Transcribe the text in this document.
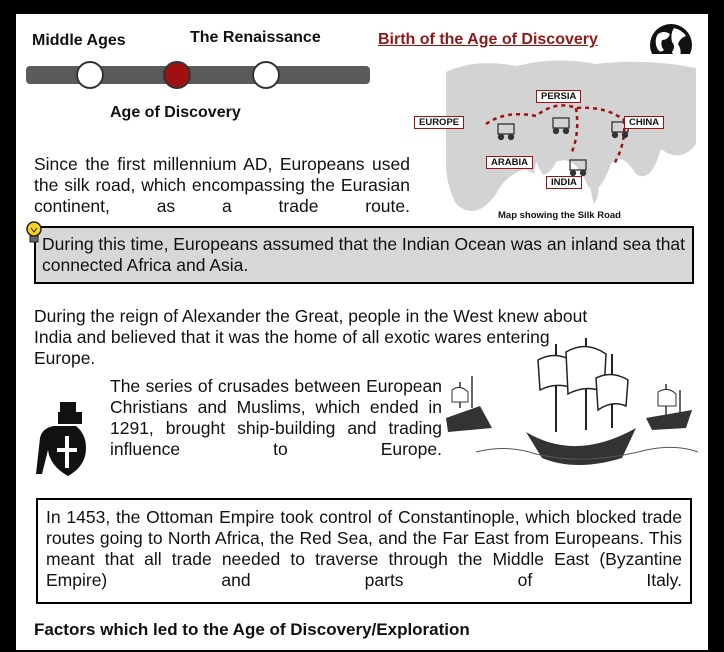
Middle Ages	The Renaissance
Age of Discovery
Birth of the Age of Discovery
PERSIA
EUROPE	CHINA
ARABIA
INDIA
Map showing the Silk Road
Since the first millennium AD, Europeans used the silk road, which encompassing the Eurasian continent, as a trade route.
During this time, Europeans assumed that the Indian Ocean was an inland sea that connected Africa and Asia.
During the reign of Alexander the Great, people in the West knew about India and believed that it was the home of all exotic wares entering Europe.
The series of crusades between European Christians and Muslims, which ended in 1291, brought ship-building and trading influence to Europe.
In 1453, the Ottoman Empire took control of Constantinople, which blocked trade routes going to North Africa, the Red Sea, and the Far East from Europeans. This meant that all trade needed to traverse through the Middle East (Byzantine Empire) and parts of Italy.
Factors which led to the Age of Discovery/Exploration
